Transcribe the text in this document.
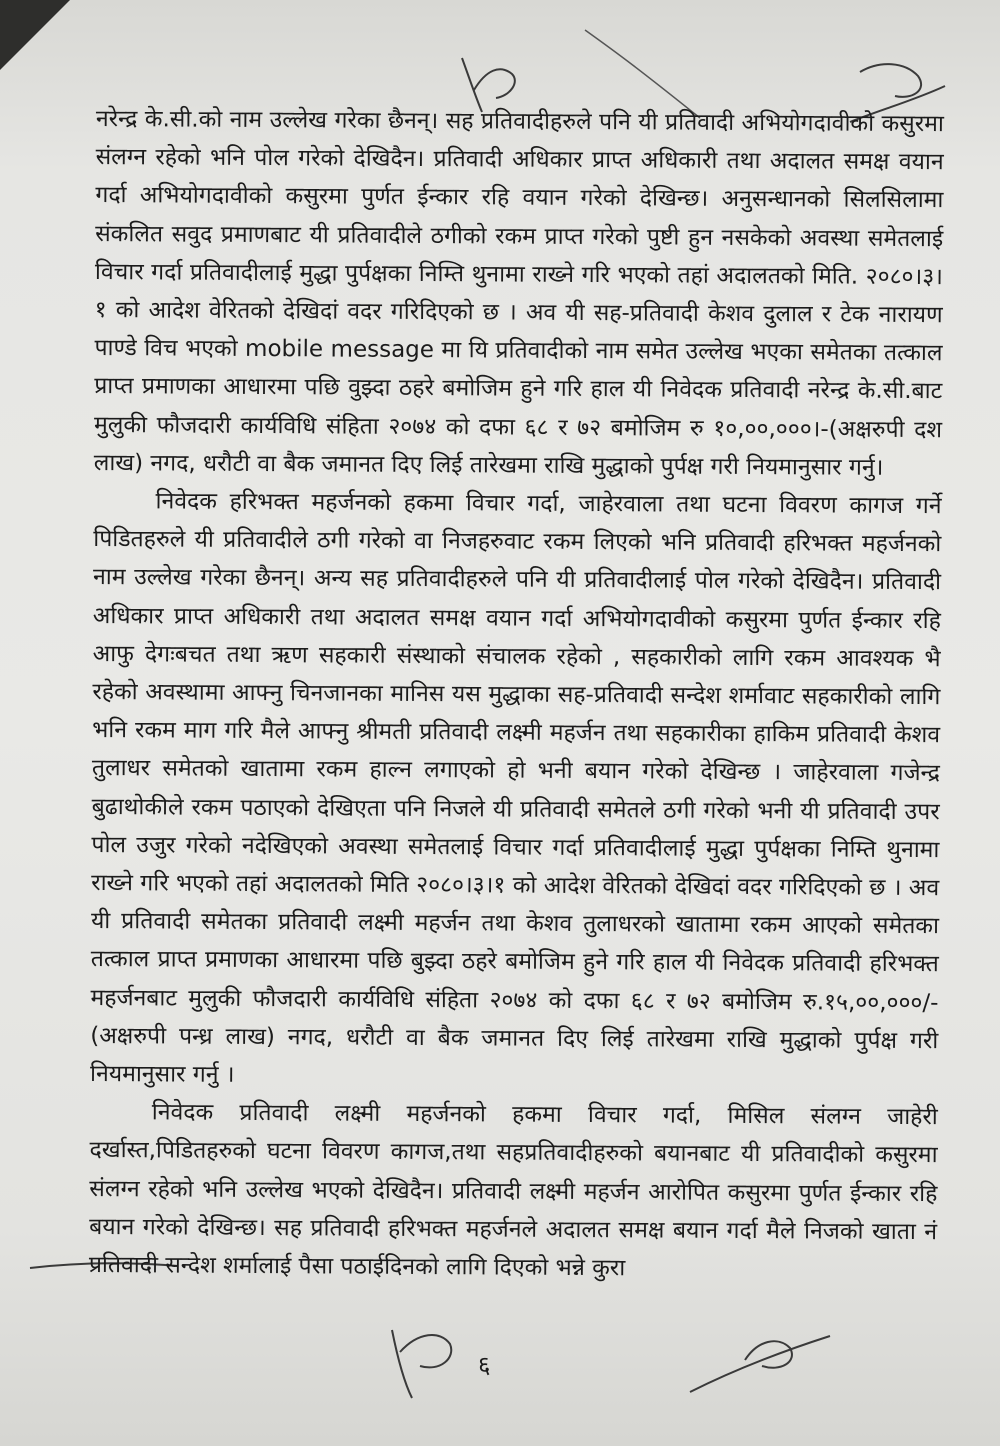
नरेन्द्र के.सी.को नाम उल्लेख गरेका छैनन्। सह प्रतिवादीहरुले पनि यी प्रतिवादी अभियोगदावीको कसुरमा संलग्न रहेको भनि पोल गरेको देखिदैन। प्रतिवादी अधिकार प्राप्त अधिकारी तथा अदालत समक्ष वयान गर्दा अभियोगदावीको कसुरमा पुर्णत ईन्कार रहि वयान गरेको देखिन्छ। अनुसन्धानको सिलसिलामा संकलित सवुद प्रमाणबाट यी प्रतिवादीले ठगीको रकम प्राप्त गरेको पुष्टी हुन नसकेको अवस्था समेतलाई विचार गर्दा प्रतिवादीलाई मुद्धा पुर्पक्षका निम्ति थुनामा राख्ने गरि भएको तहां अदालतको मिति. २०८०।३।१ को आदेश वेरितको देखिदां वदर गरिदिएको छ । अव यी सह-प्रतिवादी केशव दुलाल र टेक नारायण पाण्डे विच भएको mobile message मा यि प्रतिवादीको नाम समेत उल्लेख भएका समेतका तत्काल प्राप्त प्रमाणका आधारमा पछि वुझ्दा ठहरे बमोजिम हुने गरि हाल यी निवेदक प्रतिवादी नरेन्द्र के.सी.बाट मुलुकी फौजदारी कार्यविधि संहिता २०७४ को दफा ६८ र ७२ बमोजिम रु १०,००,०००।-(अक्षरुपी दश लाख) नगद, धरौटी वा बैक जमानत दिए लिई तारेखमा राखि मुद्धाको पुर्पक्ष गरी नियमानुसार गर्नु।

निवेदक हरिभक्त महर्जनको हकमा विचार गर्दा, जाहेरवाला तथा घटना विवरण कागज गर्ने पिडितहरुले यी प्रतिवादीले ठगी गरेको वा निजहरुवाट रकम लिएको भनि प्रतिवादी हरिभक्त महर्जनको नाम उल्लेख गरेका छैनन्। अन्य सह प्रतिवादीहरुले पनि यी प्रतिवादीलाई पोल गरेको देखिदैन। प्रतिवादी अधिकार प्राप्त अधिकारी तथा अदालत समक्ष वयान गर्दा अभियोगदावीको कसुरमा पुर्णत ईन्कार रहि आफु देगःबचत तथा ऋण सहकारी संस्थाको संचालक रहेको , सहकारीको लागि रकम आवश्यक भै रहेको अवस्थामा आफ्नु चिनजानका मानिस यस मुद्धाका सह-प्रतिवादी सन्देश शर्मावाट सहकारीको लागि भनि रकम माग गरि मैले आफ्नु श्रीमती प्रतिवादी लक्ष्मी महर्जन तथा सहकारीका हाकिम प्रतिवादी केशव तुलाधर समेतको खातामा रकम हाल्न लगाएको हो भनी बयान गरेको देखिन्छ । जाहेरवाला गजेन्द्र बुढाथोकीले रकम पठाएको देखिएता पनि निजले यी प्रतिवादी समेतले ठगी गरेको भनी यी प्रतिवादी उपर पोल उजुर गरेको नदेखिएको अवस्था समेतलाई विचार गर्दा प्रतिवादीलाई मुद्धा पुर्पक्षका निम्ति थुनामा राख्ने गरि भएको तहां अदालतको मिति २०८०।३।१ को आदेश वेरितको देखिदां वदर गरिदिएको छ । अव यी प्रतिवादी समेतका प्रतिवादी लक्ष्मी महर्जन तथा केशव तुलाधरको खातामा रकम आएको समेतका तत्काल प्राप्त प्रमाणका आधारमा पछि बुझ्दा ठहरे बमोजिम हुने गरि हाल यी निवेदक प्रतिवादी हरिभक्त महर्जनबाट मुलुकी फौजदारी कार्यविधि संहिता २०७४ को दफा ६८ र ७२ बमोजिम रु.१५,००,०००/-(अक्षरुपी पन्ध्र लाख) नगद, धरौटी वा बैक जमानत दिए लिई तारेखमा राखि मुद्धाको पुर्पक्ष गरी नियमानुसार गर्नु ।

निवेदक प्रतिवादी लक्ष्मी महर्जनको हकमा विचार गर्दा, मिसिल संलग्न जाहेरी दर्खास्त,पिडितहरुको घटना विवरण कागज,तथा सहप्रतिवादीहरुको बयानबाट यी प्रतिवादीको कसुरमा संलग्न रहेको भनि उल्लेख भएको देखिदैन। प्रतिवादी लक्ष्मी महर्जन आरोपित कसुरमा पुर्णत ईन्कार रहि बयान गरेको देखिन्छ। सह प्रतिवादी हरिभक्त महर्जनले अदालत समक्ष बयान गर्दा मैले निजको खाता नं प्रतिवादी सन्देश शर्मालाई पैसा पठाईदिनको लागि दिएको भन्ने कुरा

६
